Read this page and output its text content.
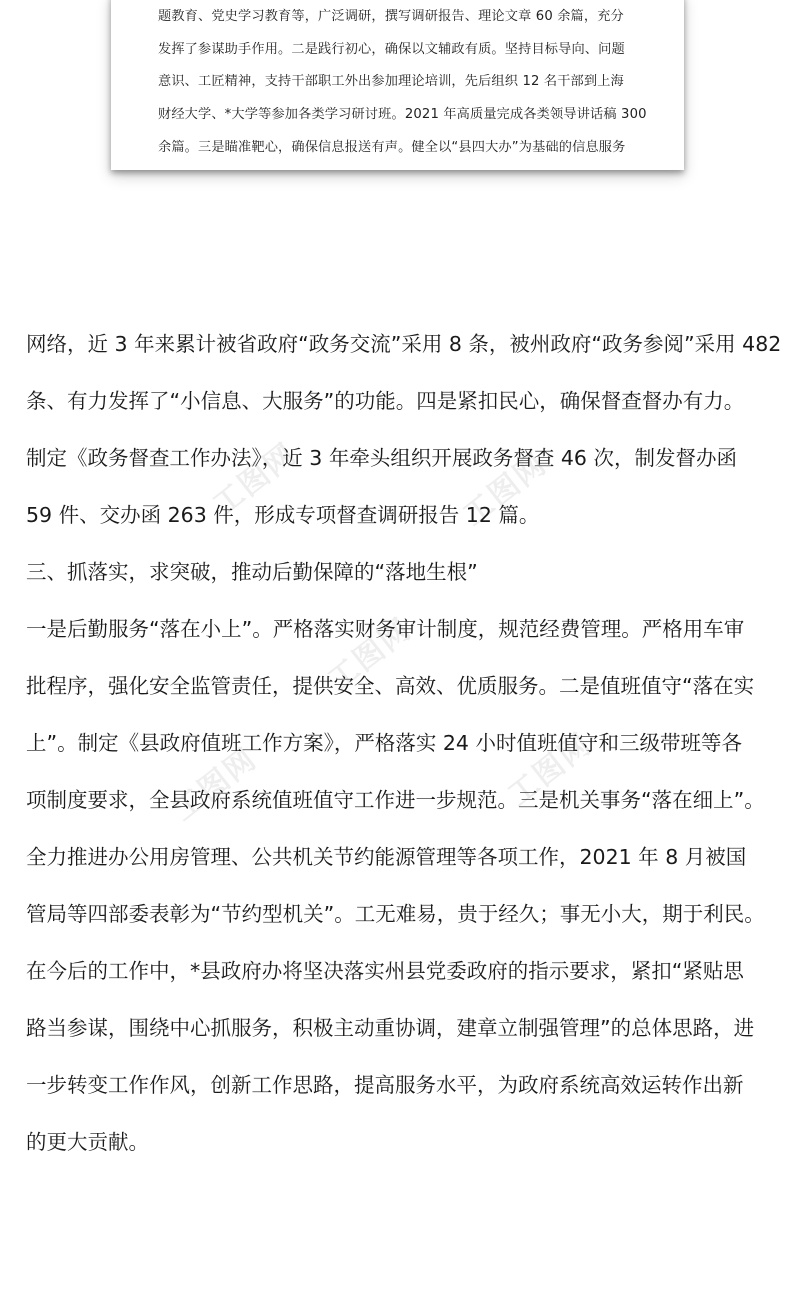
题教育、党史学习教育等，广泛调研，撰写调研报告、理论文章 60 余篇，充分
发挥了参谋助手作用。二是践行初心，确保以文辅政有质。坚持目标导向、问题
意识、工匠精神，支持干部职工外出参加理论培训，先后组织 12 名干部到上海
财经大学、*大学等参加各类学习研讨班。2021 年高质量完成各类领导讲话稿 300
余篇。三是瞄准靶心，确保信息报送有声。健全以“县四大办”为基础的信息服务
工图网	工图网
工图网
工图网	工图网
网络，近 3 年来累计被省政府“政务交流”采用 8 条，被州政府“政务参阅”采用 482
条、有力发挥了“小信息、大服务”的功能。四是紧扣民心，确保督查督办有力。
制定《政务督查工作办法》，近 3 年牵头组织开展政务督查 46 次，制发督办函
59 件、交办函 263 件，形成专项督查调研报告 12 篇。
三、抓落实，求突破，推动后勤保障的“落地生根”
一是后勤服务“落在小上”。严格落实财务审计制度，规范经费管理。严格用车审
批程序，强化安全监管责任，提供安全、高效、优质服务。二是值班值守“落在实
上”。制定《县政府值班工作方案》，严格落实 24 小时值班值守和三级带班等各
项制度要求，全县政府系统值班值守工作进一步规范。三是机关事务“落在细上”。
全力推进办公用房管理、公共机关节约能源管理等各项工作，2021 年 8 月被国
管局等四部委表彰为“节约型机关”。工无难易，贵于经久；事无小大，期于利民。
在今后的工作中，*县政府办将坚决落实州县党委政府的指示要求，紧扣“紧贴思
路当参谋，围绕中心抓服务，积极主动重协调，建章立制强管理”的总体思路，进
一步转变工作作风，创新工作思路，提高服务水平，为政府系统高效运转作出新
的更大贡献。
